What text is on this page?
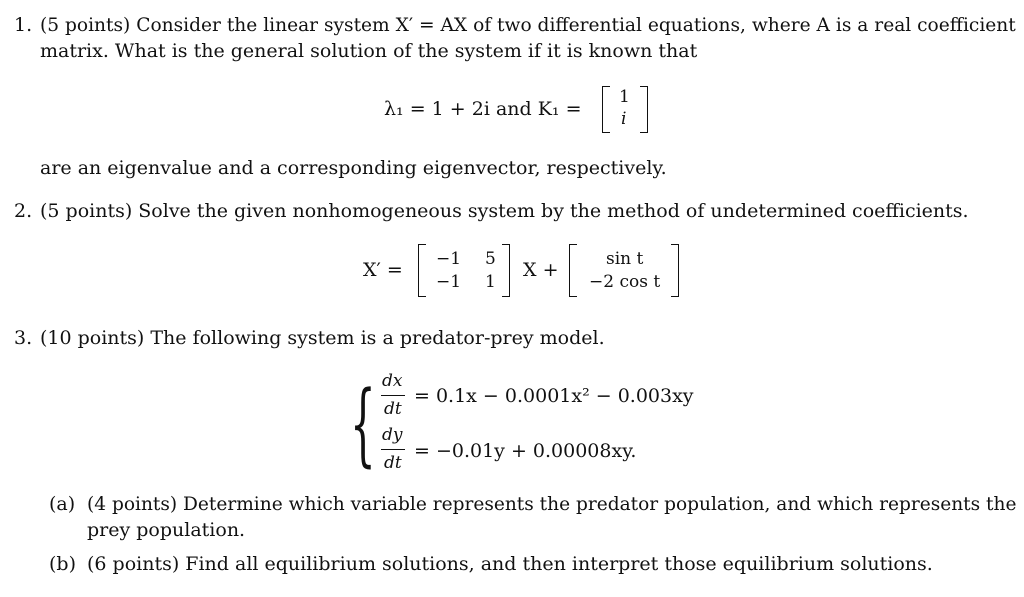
1. (5 points) Consider the linear system X′ = AX of two differential equations, where A is a real coefficient
matrix. What is the general solution of the system if it is known that
λ₁ = 1 + 2i and K₁ =
1
i
are an eigenvalue and a corresponding eigenvector, respectively.
2. (5 points) Solve the given nonhomogeneous system by the method of undetermined coefficients.
X′ = −1 5
−1 1
X +	sin t
−2 cos t
3. (10 points) The following system is a predator-prey model.
{ dx
dt
= 0.1x − 0.0001x² − 0.003xy
dy
dt
= −0.01y + 0.00008xy.
(a) (4 points) Determine which variable represents the predator population, and which represents the
prey population.
(b) (6 points) Find all equilibrium solutions, and then interpret those equilibrium solutions.
